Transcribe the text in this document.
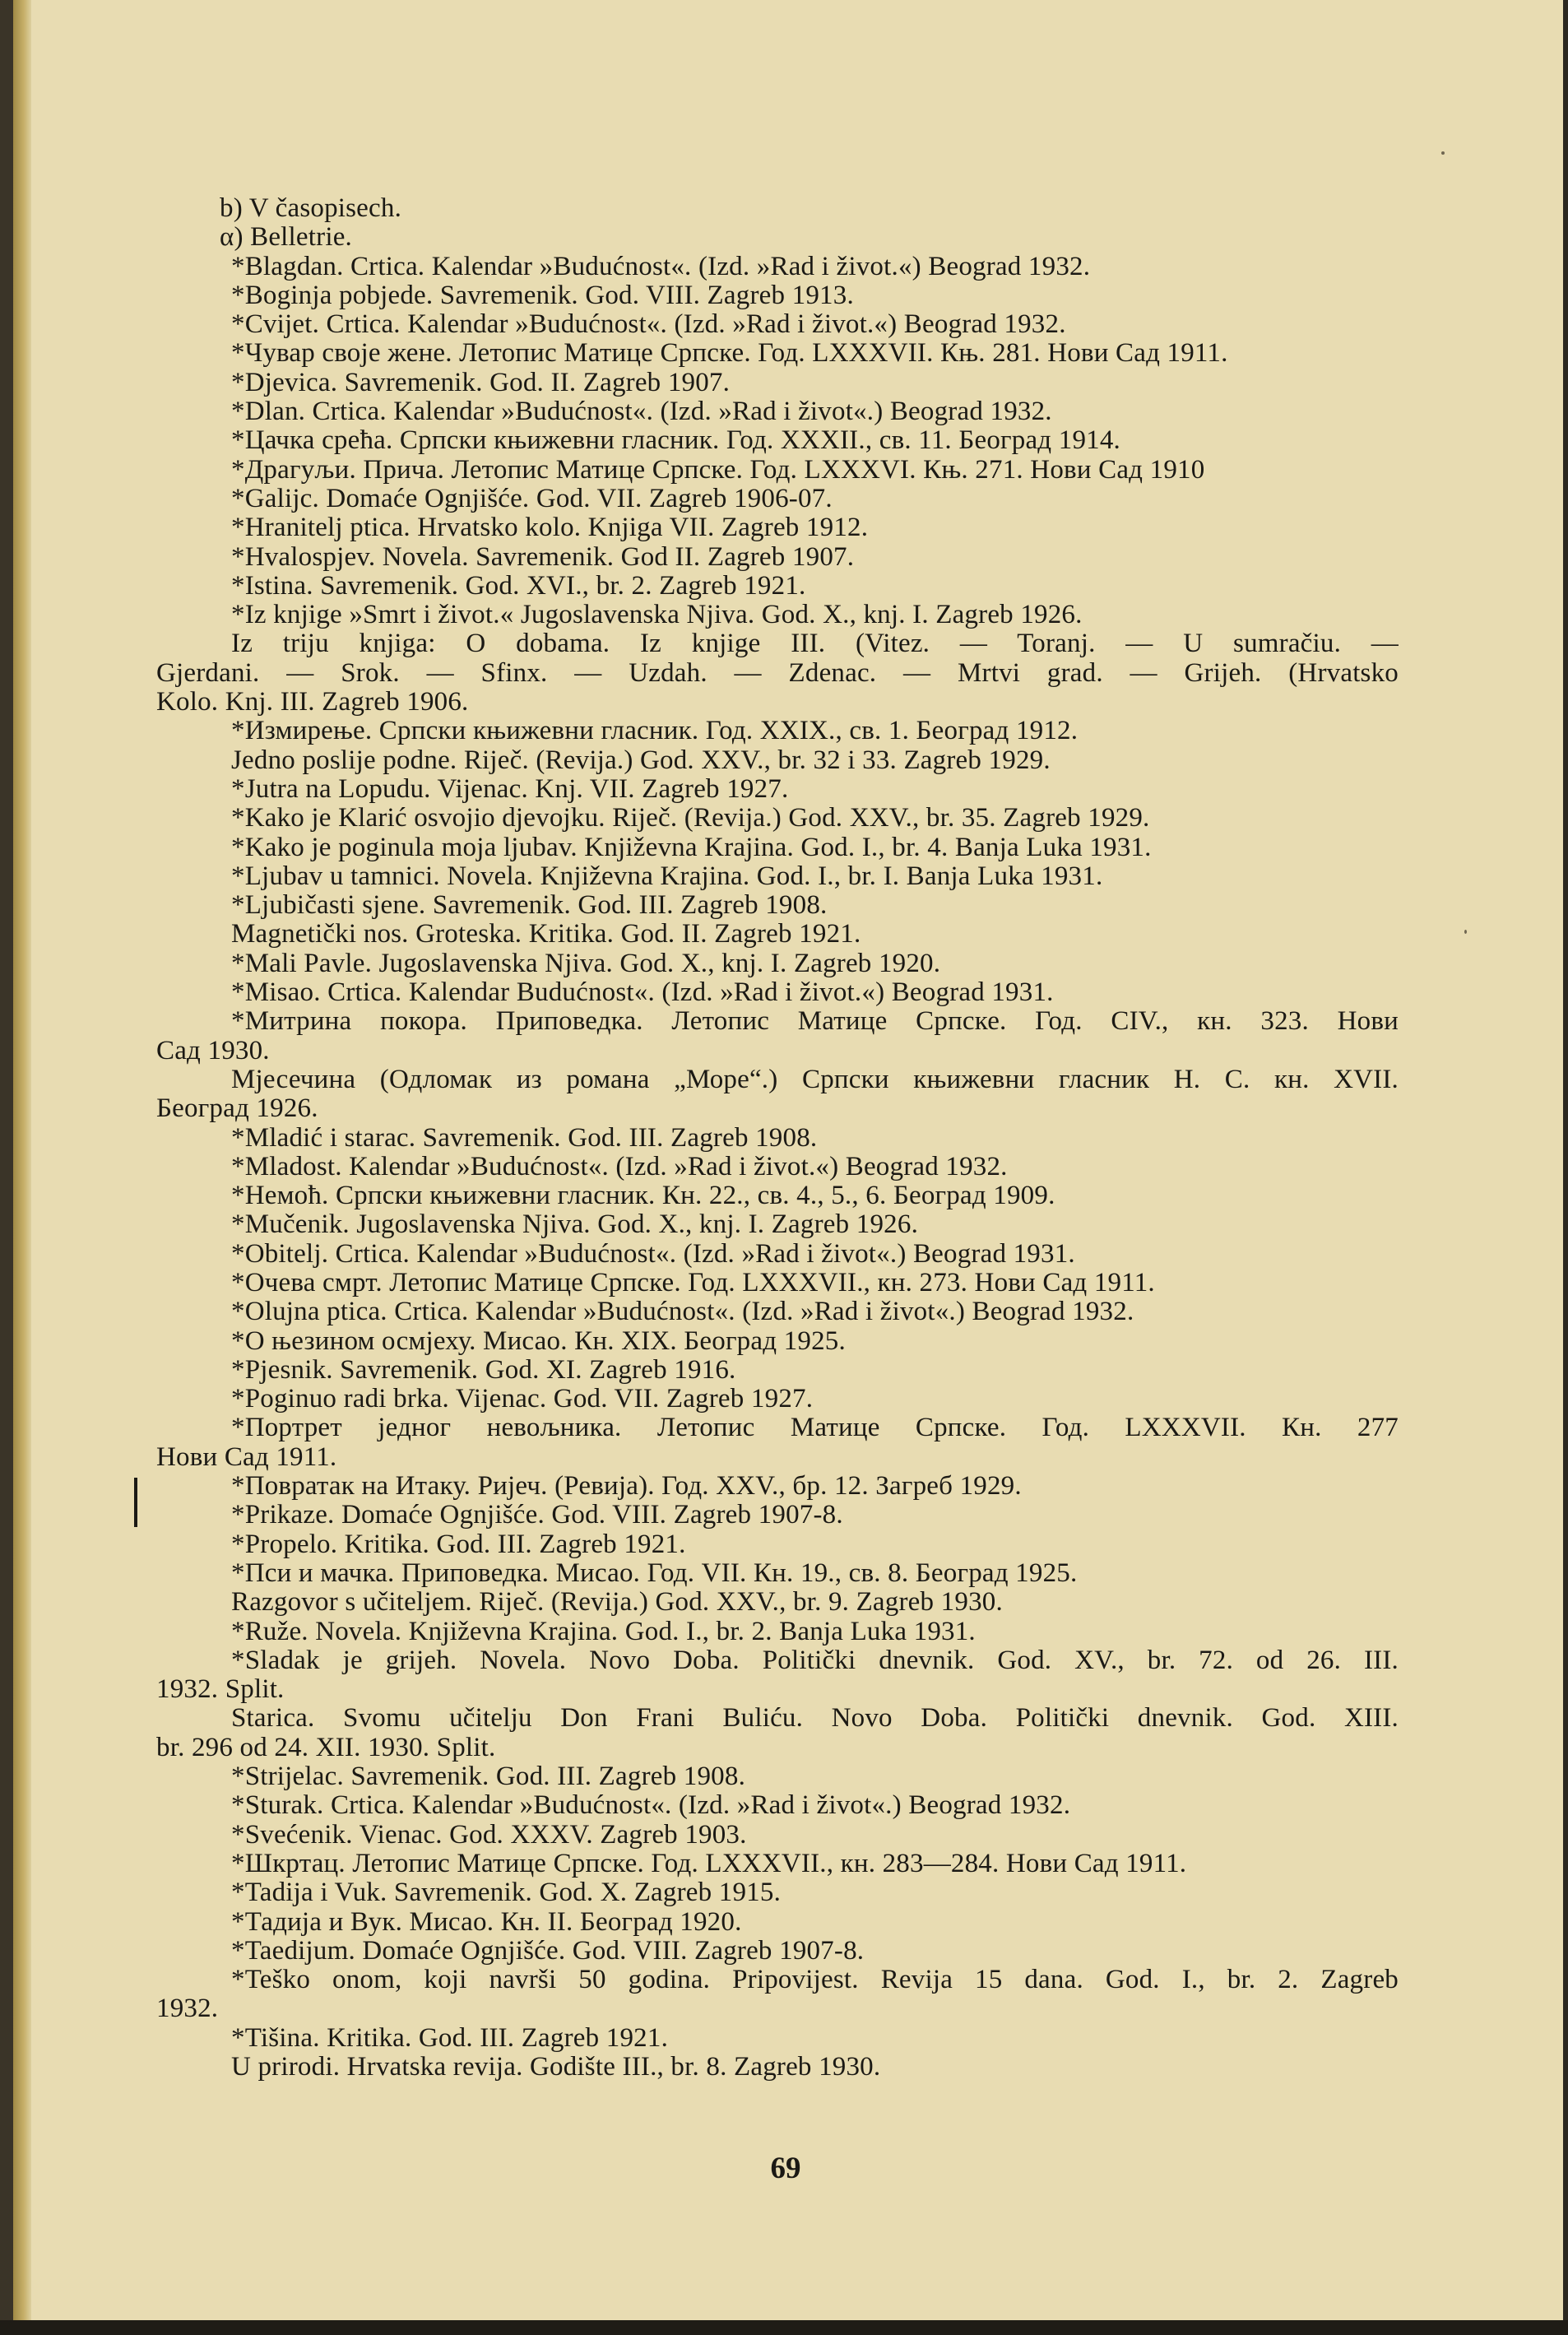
b) V časopisech.
α) Belletrie.
*Blagdan. Crtica. Kalendar »Budućnost«. (Izd. »Rad i život.«) Beograd 1932.
*Boginja pobjede. Savremenik. God. VIII. Zagreb 1913.
*Cvijet. Crtica. Kalendar »Budućnost«. (Izd. »Rad i život.«) Beograd 1932.
*Чувар своје жене. Летопис Матице Српске. Год. LXXXVII. Књ. 281. Нови Сад 1911.
*Djevica. Savremenik. God. II. Zagreb 1907.
*Dlan. Crtica. Kalendar »Budućnost«. (Izd. »Rad i život«.) Beograd 1932.
*Цачка срећа. Српски књижевни гласник. Год. XXXII., св. 11. Београд 1914.
*Драгуљи. Прича. Летопис Матице Српске. Год. LXXXVI. Књ. 271. Нови Сад 1910
*Galijc. Domaće Ognjišće. God. VII. Zagreb 1906-07.
*Hranitelj ptica. Hrvatsko kolo. Knjiga VII. Zagreb 1912.
*Hvalospjev. Novela. Savremenik. God II. Zagreb 1907.
*Istina. Savremenik. God. XVI., br. 2. Zagreb 1921.
*Iz knjige »Smrt i život.« Jugoslavenska Njiva. God. X., knj. I. Zagreb 1926.
Iz triju knjiga: O dobama. Iz knjige III. (Vitez. — Toranj. — U sumračiu. —
Gjerdani. — Srok. — Sfinx. — Uzdah. — Zdenac. — Mrtvi grad. — Grijeh. (Hrvatsko
Kolo. Knj. III. Zagreb 1906.
*Измирење. Српски књижевни гласник. Год. XXIX., св. 1. Београд 1912.
Jedno poslije podne. Riječ. (Revija.) God. XXV., br. 32 i 33. Zagreb 1929.
*Jutra na Lopudu. Vijenac. Knj. VII. Zagreb 1927.
*Kako je Klarić osvojio djevojku. Riječ. (Revija.) God. XXV., br. 35. Zagreb 1929.
*Kako je poginula moja ljubav. Književna Krajina. God. I., br. 4. Banja Luka 1931.
*Ljubav u tamnici. Novela. Književna Krajina. God. I., br. I. Banja Luka 1931.
*Ljubičasti sjene. Savremenik. God. III. Zagreb 1908.
Magnetički nos. Groteska. Kritika. God. II. Zagreb 1921.
*Mali Pavle. Jugoslavenska Njiva. God. X., knj. I. Zagreb 1920.
*Misao. Crtica. Kalendar Budućnost«. (Izd. »Rad i život.«) Beograd 1931.
*Митрина покора. Приповедка. Летопис Матице Српске. Год. CIV., кн. 323. Нови
Сад 1930.
Мјесечина (Одломак из романа „Море“.) Српски књижевни гласник Н. С. кн. XVII.
Београд 1926.
*Mladić i starac. Savremenik. God. III. Zagreb 1908.
*Mladost. Kalendar »Budućnost«. (Izd. »Rad i život.«) Beograd 1932.
*Немоћ. Српски књижевни гласник. Кн. 22., св. 4., 5., 6. Београд 1909.
*Mučenik. Jugoslavenska Njiva. God. X., knj. I. Zagreb 1926.
*Obitelj. Crtica. Kalendar »Budućnost«. (Izd. »Rad i život«.) Beograd 1931.
*Очева смрт. Летопис Матице Српске. Год. LXXXVII., кн. 273. Нови Сад 1911.
*Olujna ptica. Crtica. Kalendar »Budućnost«. (Izd. »Rad i život«.) Beograd 1932.
*О њезином осмјеху. Мисао. Кн. XIX. Београд 1925.
*Pjesnik. Savremenik. God. XI. Zagreb 1916.
*Poginuo radi brka. Vijenac. God. VII. Zagreb 1927.
*Портрет једног невољника. Летопис Матице Српске. Год. LXXXVII. Кн. 277
Нови Сад 1911.
*Повратак на Итаку. Ријеч. (Ревија). Год. XXV., бр. 12. Загреб 1929.
*Prikaze. Domaće Ognjišće. God. VIII. Zagreb 1907-8.
*Propelo. Kritika. God. III. Zagreb 1921.
*Пси и мачка. Приповедка. Мисао. Год. VII. Кн. 19., св. 8. Београд 1925.
Razgovor s učiteljem. Riječ. (Revija.) God. XXV., br. 9. Zagreb 1930.
*Ruže. Novela. Književna Krajina. God. I., br. 2. Banja Luka 1931.
*Sladak je grijeh. Novela. Novo Doba. Politički dnevnik. God. XV., br. 72. od 26. III.
1932. Split.
Starica. Svomu učitelju Don Frani Buliću. Novo Doba. Politički dnevnik. God. XIII.
br. 296 od 24. XII. 1930. Split.
*Strijelac. Savremenik. God. III. Zagreb 1908.
*Sturak. Crtica. Kalendar »Budućnost«. (Izd. »Rad i život«.) Beograd 1932.
*Svećenik. Vienac. God. XXXV. Zagreb 1903.
*Шкртац. Летопис Матице Српске. Год. LXXXVII., кн. 283—284. Нови Сад 1911.
*Tadija i Vuk. Savremenik. God. X. Zagreb 1915.
*Тадија и Вук. Мисао. Кн. II. Београд 1920.
*Taedijum. Domaće Ognjišće. God. VIII. Zagreb 1907-8.
*Teško onom, koji navrši 50 godina. Pripovijest. Revija 15 dana. God. I., br. 2. Zagreb
1932.
*Tišina. Kritika. God. III. Zagreb 1921.
U prirodi. Hrvatska revija. Godište III., br. 8. Zagreb 1930.
69
